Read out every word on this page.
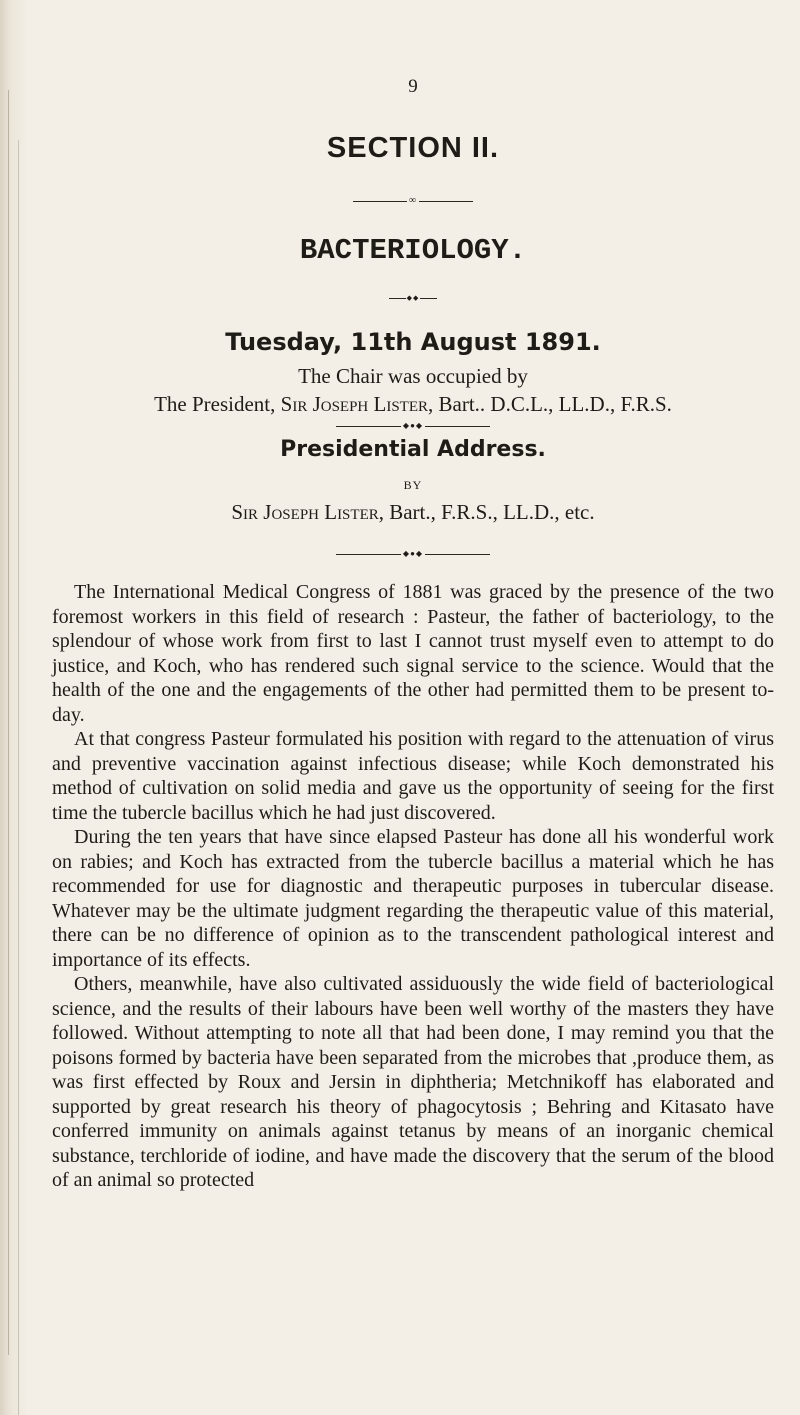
9
SECTION II.
∞
BACTERIOLOGY.
◆◆
Tuesday, 11th August 1891.
The Chair was occupied by
The President, Sir Joseph Lister, Bart.. D.C.L., LL.D., F.R.S.
◆●◆
Presidential Address.
BY
Sir Joseph Lister, Bart., F.R.S., LL.D., etc.
◆●◆

The International Medical Congress of 1881 was graced by the presence of the two foremost workers in this field of research : Pasteur, the father of bacteriology, to the splendour of whose work from first to last I cannot trust myself even to attempt to do justice, and Koch, who has rendered such signal service to the science. Would that the health of the one and the engagements of the other had permitted them to be present to-day.

At that congress Pasteur formulated his position with regard to the attenuation of virus and preventive vaccination against infectious disease; while Koch demonstrated his method of cultivation on solid media and gave us the opportunity of seeing for the first time the tubercle bacillus which he had just discovered.

During the ten years that have since elapsed Pasteur has done all his wonderful work on rabies; and Koch has extracted from the tubercle bacillus a material which he has recommended for use for diagnostic and therapeutic purposes in tubercular disease. Whatever may be the ultimate judgment regarding the therapeutic value of this material, there can be no difference of opinion as to the transcendent pathological interest and importance of its effects.

Others, meanwhile, have also cultivated assiduously the wide field of bacteriological science, and the results of their labours have been well worthy of the masters they have followed. Without attempting to note all that had been done, I may remind you that the poisons formed by bacteria have been separated from the microbes that ,produce them, as was first effected by Roux and Jersin in diphtheria; Metchnikoff has elaborated and supported by great research his theory of phagocytosis ; Behring and Kitasato have conferred immunity on animals against tetanus by means of an inorganic chemical substance, terchloride of iodine, and have made the discovery that the serum of the blood of an animal so protected
